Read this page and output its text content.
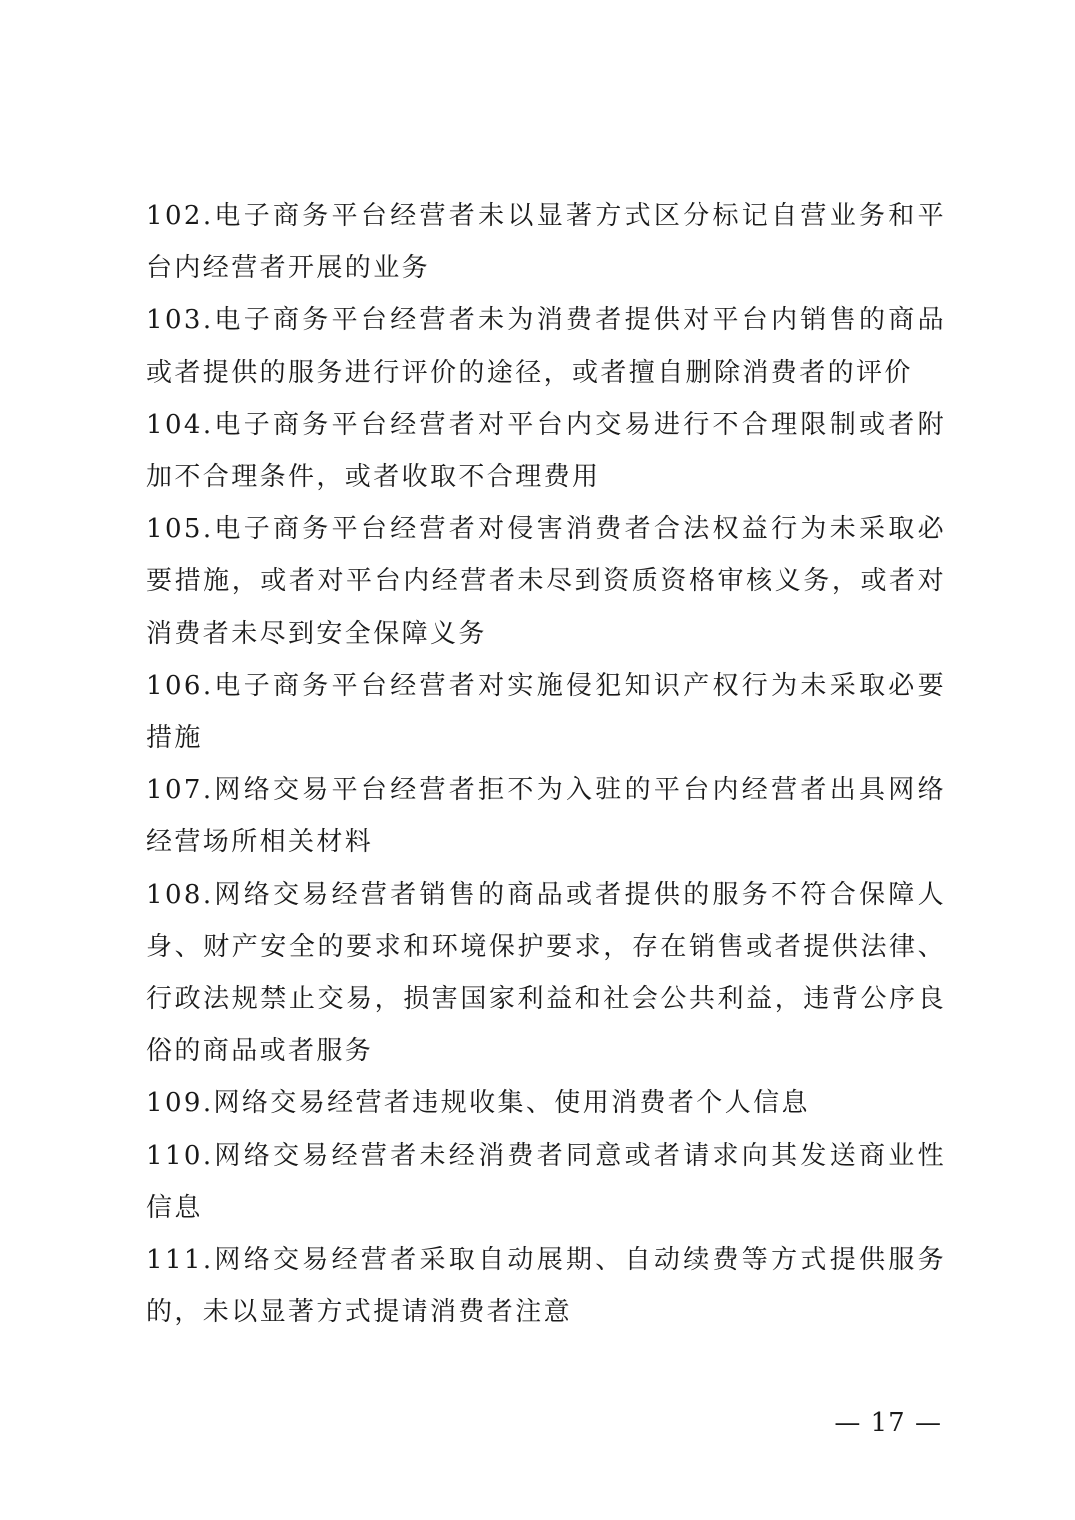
102.电子商务平台经营者未以显著方式区分标记自营业务和平台内经营者开展的业务

103.电子商务平台经营者未为消费者提供对平台内销售的商品或者提供的服务进行评价的途径，或者擅自删除消费者的评价

104.电子商务平台经营者对平台内交易进行不合理限制或者附加不合理条件，或者收取不合理费用

105.电子商务平台经营者对侵害消费者合法权益行为未采取必要措施，或者对平台内经营者未尽到资质资格审核义务，或者对消费者未尽到安全保障义务

106.电子商务平台经营者对实施侵犯知识产权行为未采取必要措施

107.网络交易平台经营者拒不为入驻的平台内经营者出具网络经营场所相关材料

108.网络交易经营者销售的商品或者提供的服务不符合保障人身、财产安全的要求和环境保护要求，存在销售或者提供法律、行政法规禁止交易，损害国家利益和社会公共利益，违背公序良俗的商品或者服务

109.网络交易经营者违规收集、使用消费者个人信息

110.网络交易经营者未经消费者同意或者请求向其发送商业性信息

111.网络交易经营者采取自动展期、自动续费等方式提供服务的，未以显著方式提请消费者注意

— 17 —
